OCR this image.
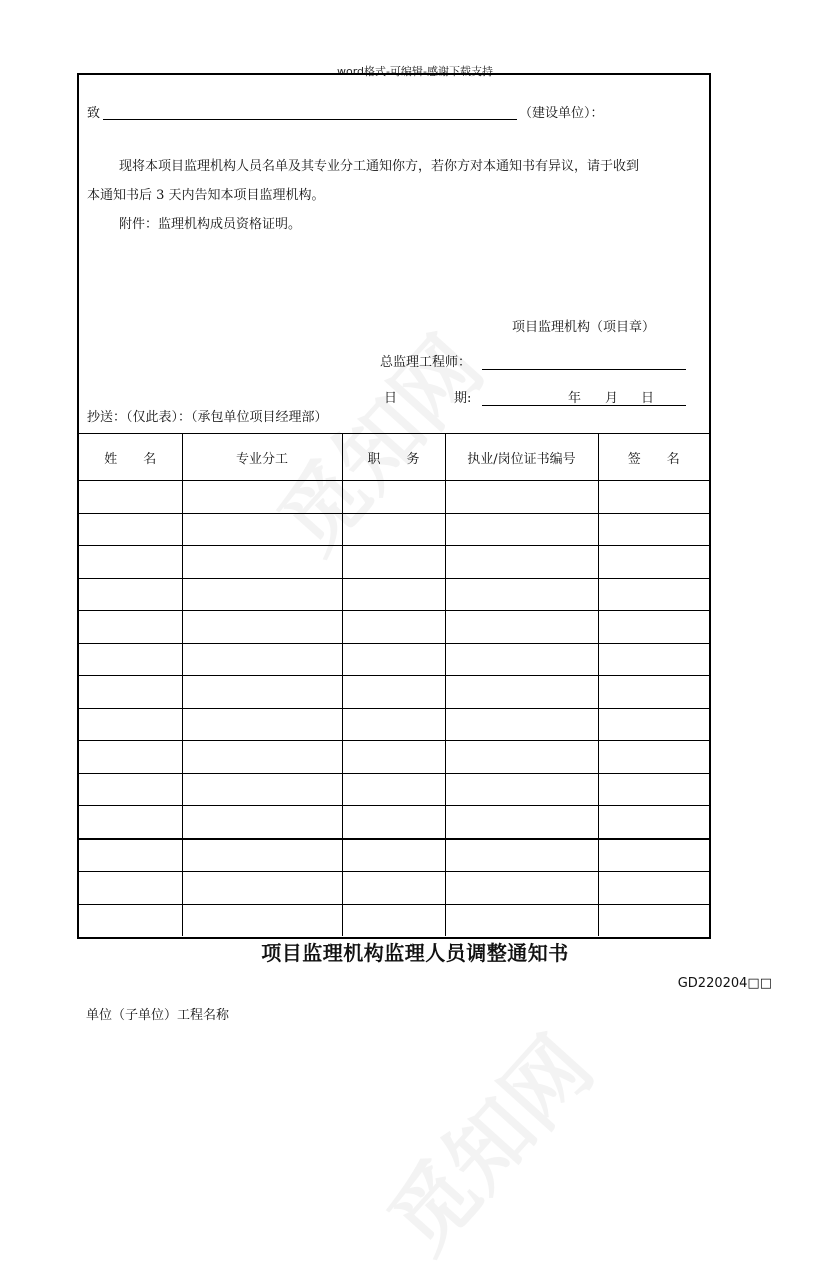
word格式-可编辑-感谢下载支持
致	（建设单位）：
现将本项目监理机构人员名单及其专业分工通知你方，若你方对本通知书有异议，请于收到
本通知书后 3 天内告知本项目监理机构。
附件：监理机构成员资格证明。
项目监理机构（项目章）
总监理工程师：
日	期:	年 月 日
抄送：（仅此表）：（承包单位项目经理部）
姓　　名	专业分工	职　　务	执业/岗位证书编号	签　　名

项目监理机构监理人员调整通知书
GD220204□□
单位（子单位）工程名称
